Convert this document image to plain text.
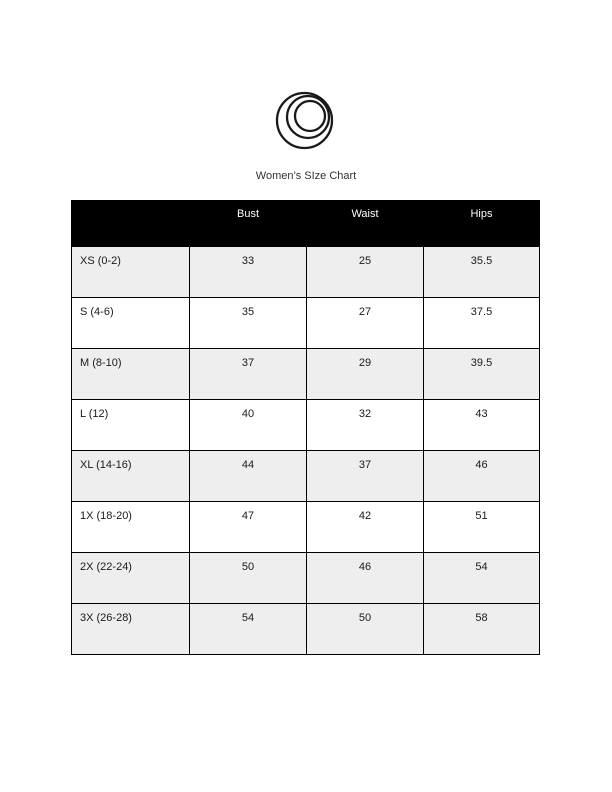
Women’s SIze Chart
	Bust	Waist	Hips
XS (0-2)	33	25	35.5
S (4-6)	35	27	37.5
M (8-10)	37	29	39.5
L (12)	40	32	43
XL (14-16)	44	37	46
1X (18-20)	47	42	51
2X (22-24)	50	46	54
3X (26-28)	54	50	58
